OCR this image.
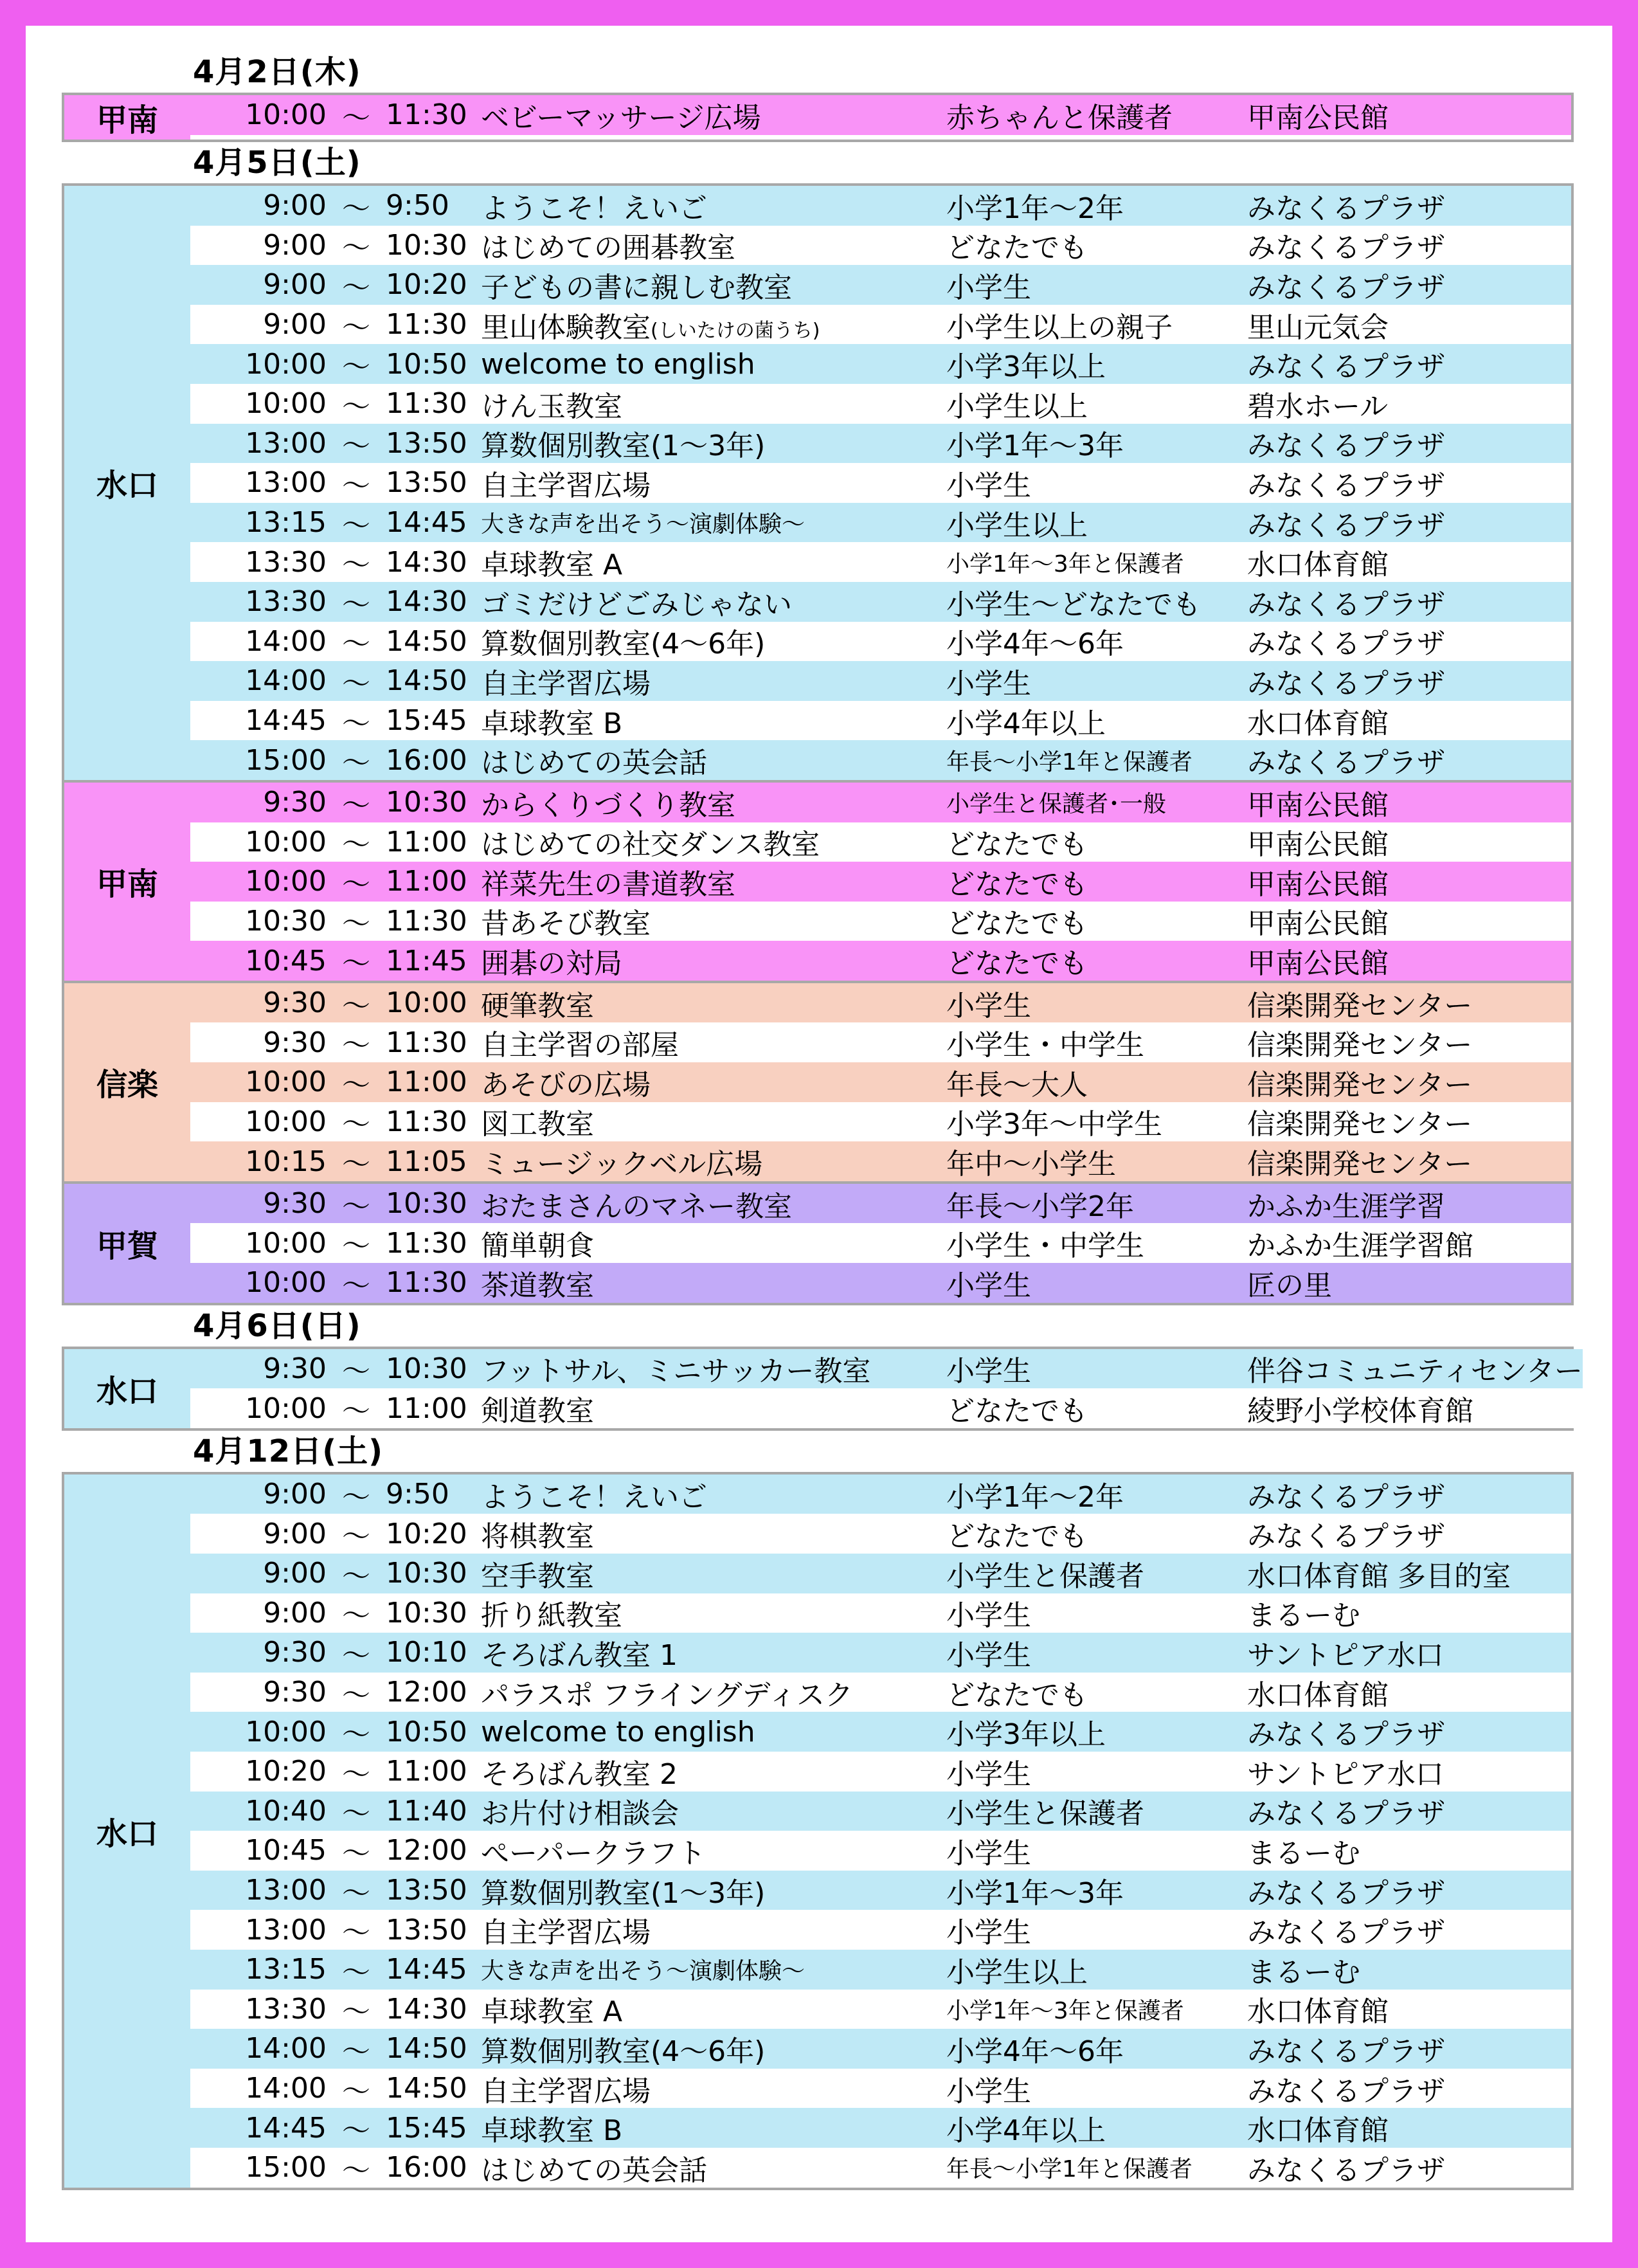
4月2日(木)
甲南	10:00 ～ 11:30 ベビーマッサージ広場	赤ちゃんと保護者	甲南公民館
4月5日(土)
水口
9:00 ～ 9:50	ようこそ！えいご	小学1年～2年	みなくるプラザ
9:00 ～ 10:30 はじめての囲碁教室	どなたでも	みなくるプラザ
9:00 ～ 10:20 子どもの書に親しむ教室	小学生	みなくるプラザ
9:00 ～ 11:30 里山体験教室(しいたけの菌うち)	小学生以上の親子	里山元気会
10:00 ～ 10:50 welcome to english	小学3年以上	みなくるプラザ
10:00 ～ 11:30 けん玉教室	小学生以上	碧水ホール
13:00 ～ 13:50 算数個別教室(1～3年)	小学1年～3年	みなくるプラザ
13:00 ～ 13:50 自主学習広場	小学生	みなくるプラザ
13:15 ～ 14:45 大きな声を出そう～演劇体験～	小学生以上	みなくるプラザ
13:30 ～ 14:30 卓球教室 A	小学1年～3年と保護者	水口体育館
13:30 ～ 14:30 ゴミだけどごみじゃない	小学生～どなたでも	みなくるプラザ
14:00 ～ 14:50 算数個別教室(4～6年)	小学4年～6年	みなくるプラザ
14:00 ～ 14:50 自主学習広場	小学生	みなくるプラザ
14:45 ～ 15:45 卓球教室 B	小学4年以上	水口体育館
15:00 ～ 16:00 はじめての英会話	年長～小学1年と保護者	みなくるプラザ
甲南
9:30 ～ 10:30 からくりづくり教室	小学生と保護者･一般	甲南公民館
10:00 ～ 11:00 はじめての社交ダンス教室	どなたでも	甲南公民館
10:00 ～ 11:00 祥菜先生の書道教室	どなたでも	甲南公民館
10:30 ～ 11:30 昔あそび教室	どなたでも	甲南公民館
10:45 ～ 11:45 囲碁の対局	どなたでも	甲南公民館
信楽
9:30 ～ 10:00 硬筆教室	小学生	信楽開発センター
9:30 ～ 11:30 自主学習の部屋	小学生・中学生	信楽開発センター
10:00 ～ 11:00 あそびの広場	年長～大人	信楽開発センター
10:00 ～ 11:30 図工教室	小学3年～中学生	信楽開発センター
10:15 ～ 11:05 ミュージックベル広場	年中～小学生	信楽開発センター
甲賀
9:30 ～ 10:30 おたまさんのマネー教室	年長～小学2年	かふか生涯学習
10:00 ～ 11:30 簡単朝食	小学生・中学生	かふか生涯学習館
10:00 ～ 11:30 茶道教室	小学生	匠の里
4月6日(日)
水口
9:30 ～ 10:30 フットサル、ミニサッカー教室	小学生	伴谷コミュニティセンター
10:00 ～ 11:00 剣道教室	どなたでも	綾野小学校体育館
4月12日(土)
水口
9:00 ～ 9:50	ようこそ！えいご	小学1年～2年	みなくるプラザ
9:00 ～ 10:20 将棋教室	どなたでも	みなくるプラザ
9:00 ～ 10:30 空手教室	小学生と保護者	水口体育館 多目的室
9:00 ～ 10:30 折り紙教室	小学生	まるーむ
9:30 ～ 10:10 そろばん教室 1	小学生	サントピア水口
9:30 ～ 12:00 パラスポ フライングディスク	どなたでも	水口体育館
10:00 ～ 10:50 welcome to english	小学3年以上	みなくるプラザ
10:20 ～ 11:00 そろばん教室 2	小学生	サントピア水口
10:40 ～ 11:40 お片付け相談会	小学生と保護者	みなくるプラザ
10:45 ～ 12:00 ぺーパークラフト	小学生	まるーむ
13:00 ～ 13:50 算数個別教室(1～3年)	小学1年～3年	みなくるプラザ
13:00 ～ 13:50 自主学習広場	小学生	みなくるプラザ
13:15 ～ 14:45 大きな声を出そう～演劇体験～	小学生以上	まるーむ
13:30 ～ 14:30 卓球教室 A	小学1年～3年と保護者	水口体育館
14:00 ～ 14:50 算数個別教室(4～6年)	小学4年～6年	みなくるプラザ
14:00 ～ 14:50 自主学習広場	小学生	みなくるプラザ
14:45 ～ 15:45 卓球教室 B	小学4年以上	水口体育館
15:00 ～ 16:00 はじめての英会話	年長～小学1年と保護者	みなくるプラザ
